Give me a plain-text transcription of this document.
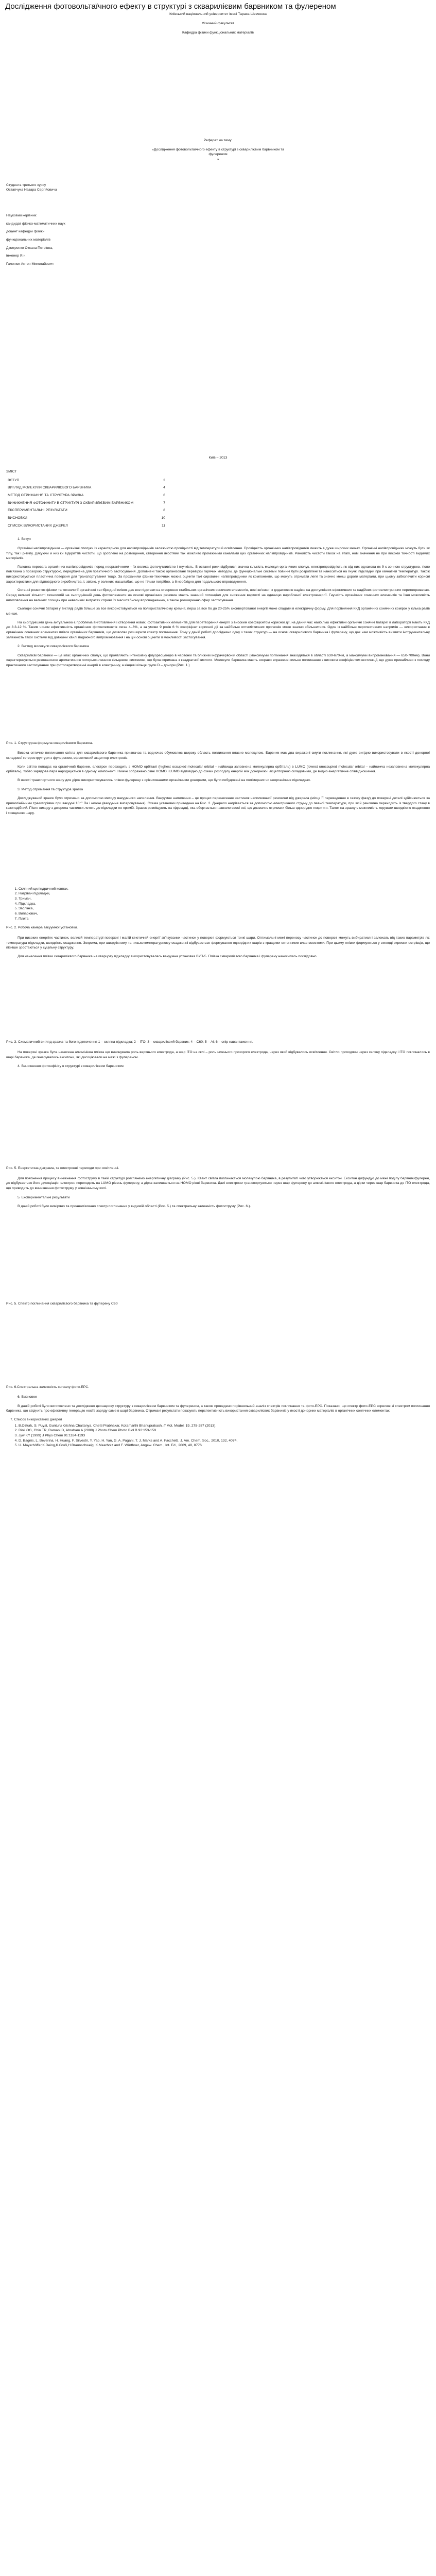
Дослідження фотовольтаїчного ефекту в структурі з скварилієвим барвником та фулереном
Київський національний університет імені Тараса Шевченка
Фізичний факультет
Кафедра фізики функціональних матеріалів
Реферат на тему:
«Дослідження фотовольтаїчного ефекту в структурі з скварилієвим барвником та
фулереном
»
Студента третього курсу
Остапчука Назара Сергійовича
Науковий керівник:
кандидат фізико-математичних наук
доцент кафедри фізики
функціональних матеріалів
Дмитренко Оксана Петрівна,
інженер Я.н.
Галонюк Антон Миколайович
Київ – 2013
ЗМІСТ
ВСТУП	3
ВИГЛЯД МОЛЕКУЛИ СКВАРИЛІЄВОГО БАРВНИКА	4
МЕТОД ОТРИМАННЯ ТА СТРУКТУРА ЗРАЗКА	6
ВИНИКНЕННЯ ФОТОФІНИГУ В СТРУКТУРІ З СКВАРИЛІЄВИМ БАРВНИКОМ	7
ЕКСПЕРИМЕНТАЛЬНІ РЕЗУЛЬТАТИ	8
ВИСНОВКИ	10
СПИСОК ВИКОРИСТАНИХ ДЖЕРЕЛ	11
1. Вступ

Органічні напівпровідники — органічні сполуки із характерною для напівпровідників залежністю провідності від температури й освітлення. Провідність органічних напівпровідників лежить в дуже широких межах. Органічні напівпровідники можуть бути як тілу, так і р-типу. Дякуючи й низ ки відкриттів чистоти, що зроблено на розміщення, створення якостями так можливо проміжними каналами цих органічних напівпровідників. Ранолість чистоти також на етапі, нові значення не при високій точності видимих матеріалів.

Головна перевага органічних напівпровідників перед неорганічними – їх велика фоточутливістю і гнучкість. В останні роки відбулися значна кількість молекул органічних сполук, електропровідність як від них однакова як й є зонною структурою, тісно пов'язана з прозорою структурою, передбачена для практичного застосування. Доповнені також організовані перевірки гарячих методом, де функціональні системи повинні бути розроблені та наноситься на гнучкі підкладки при кімнатній температурі. Також використовується пластична поверхня для транспортування тощо. За проханням фізико-технічних можна оцінити такі сировинні напівпровідники як компоненти, що можуть отримати легкі та значно менш дороги матеріали, при цьому забезпечити корисні характеристики для відповідного виробництва, і, звісно, у великих масштабах, що не тільки потрібно, а й необхідно для подальшого впровадження.

Останні розвиток фізики та технології органічної та гібридної плівок дає все підстави на створення стабільних органічних сонячних елементів, нові зв'язки і з додатковою надією на доступніших ефективних та надійних фотоелектричних перетворювачах. Серед великої кількості технологій на сьогоднішній день фотоелементи на основі органічних речовин мають значний потенціал для зниження вартості на одиницю виробленої електроенергії. Гнучкість органічних сонячних елементів та їхня можливість виготовлення на великих площах при невеликих витратах сприяє їх масштабному впровадженню, а також розширенню сфер застосування.

Сьогодні сонячні батареї у вигляді рядів більше за все використовуються на полікристалічному кремнії, перш за все бо до 20-25% сконвертованої енергії може спадати в електричну форму. Для порівняння ККД органічних сонячних комірок у кілька разів менше.

На сьогоднішній день актуальною є проблема виготовлення і створення нових, фотоактивних елементів для перетворення енергії з високим коефіцієнтом корисної дії, на даний час найбільш ефективні органічні сонячні батареї в лабораторії мають ККД до 8.3-12 %. Таким чином ефективність органічних фотоелементів сягає 4–6%, а за умови 9 років 6 % коефіцієнт корисної дії за найбільш оптимістичних прогнозів може значно збільшитися. Один із найбільш перспективних напрямів — використання в органічних сонячних елементах плівок органічних барвників, що дозволяє розширити спектр поглинання. Тому у даній роботі досліджено одну з таких структур — на основі скварилієвого барвника і фулерену, що дає нам можливість виявити інструментальну залежність такої системи від довжини хвилі падаючого випромінювання і на цій основі оцінити її можливості застосування.

2. Вигляд молекули скварилієвого барвника

Скварилієві барвники — це клас органічних сполук, що проявляють інтенсивну флуоресценцію в червоній та ближній інфрачервоній області (максимуми поглинання знаходяться в області 630-670нм, а максимуми випромінювання — 650-700нм). Вони характеризуються резонансною ароматичною чотирьохчленною кільцевою системою, що була отримана з квадратної кислоти. Молекули барвника мають яскраво виражене сильне поглинання з високим коефіцієнтом екстинкції, що дуже привабливо з погляду практичного застосування при фотоперетворенні енергії в електричну, а кінцеві кільця групи D – донори (Рис. 1.)

Рис. 1. Структурна формула скварилієвого барвника.

Висока оптичне поглинання світла для скварилієвого барвника призначає та водночас обумовлює широку область поглинання власне молекулою. Барвник має два виражені смуги поглинання, які дуже вигідно використовувати в якості донорної складової гетероструктури з фулереном, ефективний акцептор електронів.

Коли світло попадає на органічний барвник, електрон переходить з HOMO орбіталі (highest occupied molecular orbital – найвища заповнена молекулярна орбіталь) в LUMO (lowest unoccupied molecular orbital – найнижча незаповнена молекулярна орбіталь), тобто зарядова пара народжується в одному компоненті. Нижче зображено рівні HOMO і LUMO відповідно до схеми розподілу енергій між донорною і акцепторною складовими, де видно енергетичне співвідношення.

В якості транспортного шару для дірок використовувались плівки фулерену з орієнтованими органічними донорами, що були побудовані на полімерних чи неорганічних підкладках.

3. Метод отримання та структура зразка

Досліджуваний зразок було отримано за допомогою методу вакуумного напилення. Вакуумне напилення – це процес перенесення частинок напилюваної речовини від джерела (місця її переведення в газову фазу) до поверхні деталі здійснюється за прямолінійними траєкторіями при вакуумі 10⁻² Па і нижче (вакуумне випаровування). Схема установки приведена на Рис. 2. Джерело нагрівається за допомогою електричного струму до певної температури, при якій речовина переходить із твердого стану в газоподібний. Після виходу з джерела частинки летять до підкладки по прямій. Зразок розміщують на підкладці, яка обертається навколо своєї осі, що дозволяє отримати більш однорідне покриття. Також на зразку є можливість керувати швидкістю осадження і товщиною шару.

1. Скляний циліндричний ковпак,
2. Нагрівач підкладки,
3. Тримач,
4. Підкладка,
5. Заслінка,
6. Випарювач,
7. Плита
Рис. 2. Робоча камера вакуумної установки.

При високих енергіях частинок, великій температурі поверхні і малій кінетичній енергії зв'язуваних частинок у поверхні формуються тонкі шари. Оптимальні межі переносу частинок до поверхні можуть вибиратися і залежать від таких параметрів як: температура підкладки, швидкість осадження. Зокрема, при швидкісному та низькотемпературному осадженні відбувається формування однорідних шарів з кращими оптичними властивостями. При цьому плівки формуються у вигляді окремих острівців, що пізніше зростаються у суцільну структуру.

Для нанесення плівки скварилієвого барвника на кварцову підкладку використовувалась вакуумна установка ВУП-5. Плівка скварилієвого барвника і фулерену наносилась послідовно.

Рис. 3. Схематичний вигляд зразка та його підключення 1 – скляна підкладка; 2 – ITO; 3 – скварилієвий барвник; 4 – С60; 5 – Al; 6 – опір навантаження.

На поверхні зразка була нанесена алюмінієва плівка що виконувала роль верхнього електрода, а шар ITO на склі – роль нижнього прозорого електрода, через який відбувалось освітлення. Світло проходячи через скляну підкладку і ITO поглиналось в шарі барвника, де генерувались екситони, які дисоціювали на межі з фулереном.

4. Виникнення фотонфінігу в структурі з скварилієвим барвником
Рис. 5. Енергетична діаграма, та електронні переходи при освітленні.

Для пояснення процесу виникнення фотоструму в такій структурі розглянемо енергетичну діаграму (Рис. 5.). Квант світла поглинається молекулою барвника, в результаті чого утворюється екситон. Екситон дифундує до межі поділу барвник/фулерен, де відбувається його дисоціація: електрон переходить на LUMO рівень фулерену, а дірка залишається на HOMO рівні барвника. Далі електрони транспортуються через шар фулерену до алюмінієвого електрода, а дірки через шар барвника до ITO електрода, що приводить до виникнення фотоструму у зовнішньому колі.

5. Експериментальні результати

В даній роботі було виміряно та проаналізовано спектр поглинання у видимій області (Рис. 5.) та спектральну залежність фотоструму (Рис. 6.).

Рис. 5. Спектр поглинання скварилієвого барвника та фулерену С60
Рис. 6.Спектральна залежність сигналу фото-ЕРС.
6. Висновки

В даній роботі було виготовлено та досліджено двошарову структуру з скварилієвим барвником та фулереном, а також проведено порівняльний аналіз спектрів поглинання та фото-ЕРС. Показано, що спектр фото-ЕРС корелює зі спектром поглинання барвника, що свідчить про ефективну генерацію носіїв заряду саме в шарі барвника. Отримані результати показують перспективність використання скварилієвих барвників у якості донорних матеріалів в органічних сонячних елементах.

7. Список використаних джерел
1. B.Ozturk, S. Puyal, Gunturu Krishna Chaitanya, Chetti Prabhakar, Kotamarthi Bhanuprakash. // Mol. Model. 19, 275-287 (2013).
2. Dinil OG, Chin TR, Ramani D, Abraham A (2008) J Photo Chem Photo Biol B 92:153-159
3. Jyw KY (1999) J Phys Chem 91:1184-1193
4. D. Bagnis, L. Beverina, H. Huang, F. Silvestri, Y. Yao, H. Yan, G. A. Pagani, T. J. Marks and A. Facchetti, J. Am. Chem. Soc., 2010, 132, 4074.
5. U. Mayerhöffer,K.Deing,K.Gruß,H.Braunschweig, K.Meerholz and F. Würthner, Angew. Chem., Int. Ed., 2009, 48, 8776
